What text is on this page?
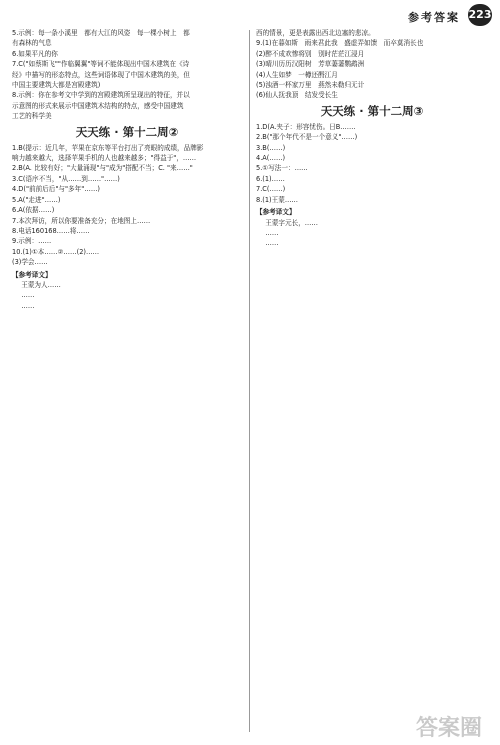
参考答案 223

5.示例：每一条小溪里　都有大江的风姿　每一棵小树上　都

有森林的气息

6.如果平凡的你

7.C("如蔡斯飞""作临翼翼"等词不能体现出中国木建筑在《诗

经》中描写的形态特点，这些词语体现了中国木建筑的美，但

中国主要建筑大都是宫殿建筑)

8.示例：你在参考文中学到的宫殿建筑所呈现出的特征，并以

示意图的形式来展示中国建筑木结构的特点，感受中国建筑

工艺的科学美

天天练 · 第十二周②

1.B(提示：近几年，苹果在京东等平台打出了亮眼的成绩，品牌影

响力越来越大，选择苹果手机的人也越来越多；"得益于"，……

2.B(A. 比较有好；"大量涌现"与"成为"搭配不当；C. "来……"

3.C(语序不当，"从……到……"……)

4.D("前前后后"与"多年"……)

5.A("走进"……)

6.A(依据……)

7.本次拜访，所以你要准备充分；在地图上……

8.电话160168……将……

9.示例：……

10.(1)①本……②……(2)……

(3)学会……

【参考译文】

王蒙为人……

……

……

西的情景，更是表露出西北边塞的悲凉。

9.(1)在暮如斯　雨来君此我　盛虚弄如馈　而卒莫消长也

(2)醉不成欢惨将别　别时茫茫江浸月

(3)晴川历历汉阳树　芳草萋萋鹦鹉洲

(4)人生如梦　一樽还酹江月

(5)浊酒一杯家万里　燕然未勒归无计

(6)仙人抚我顶　结发受长生

天天练 · 第十二周③

1.D(A.夹子：形容忧伤。日B.……

2.B("那个年代不是一个意义"……)

3.B(……)

4.A(……)

5.①写法一：……

6.(1)……

7.C(……)

8.(1)王蒙……

【参考译文】

王蒙字元长，……

……

……

答案圈
